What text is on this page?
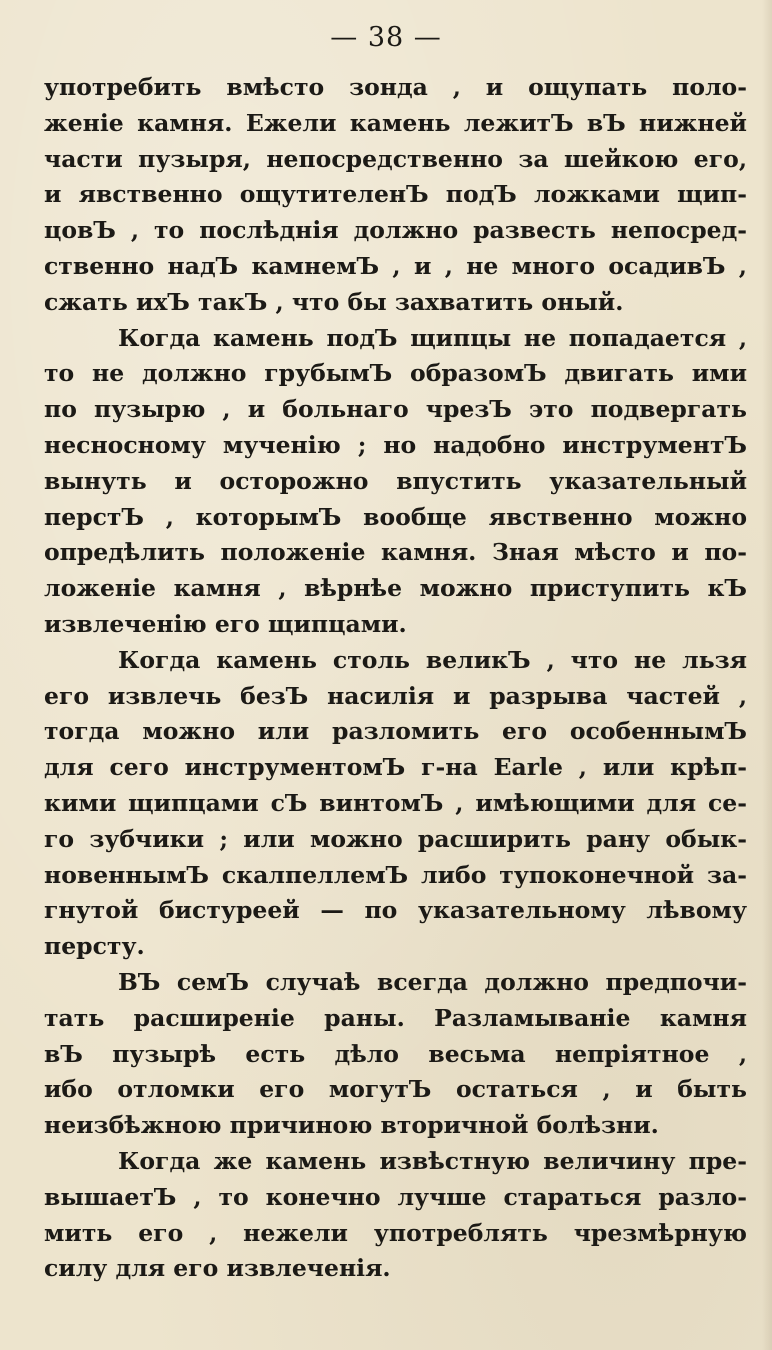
— 38 —
употребить вмѣсто зонда , и ощупать поло-
женіе камня. Ежели камень лежитЪ вЪ нижней
части пузыря, непосредственно за шейкою его,
и явственно ощутителенЪ подЪ ложками щип-
цовЪ , то послѣднія должно развесть непосред-
ственно надЪ камнемЪ , и , не много осадивЪ ,
сжать ихЪ такЪ , что бы захватить оный.
Когда камень подЪ щипцы не попадается ,
то не должно грубымЪ образомЪ двигать ими
по пузырю , и больнаго чрезЪ это подвергать
несносному мученію ; но надобно инструментЪ
вынуть и осторожно впустить указательный
перстЪ , которымЪ вообще явственно можно
опредѣлить положеніе камня. Зная мѣсто и по-
ложеніе камня , вѣрнѣе можно приступить кЪ
извлеченію его щипцами.
Когда камень столь великЪ , что не льзя
его извлечь безЪ насилія и разрыва частей ,
тогда можно или разломить его особеннымЪ
для сего инструментомЪ г-на Earle , или крѣп-
кими щипцами сЪ винтомЪ , имѣющими для се-
го зубчики ; или можно расширить рану обык-
новеннымЪ скалпеллемЪ либо тупоконечной за-
гнутой бистуреей — по указательному лѣвому
персту.
ВЪ семЪ случаѣ всегда должно предпочи-
тать расширеніе раны. Разламываніе камня
вЪ пузырѣ есть дѣло весьма непріятное ,
ибо отломки его могутЪ остаться , и быть
неизбѣжною причиною вторичной болѣзни.
Когда же камень извѣстную величину пре-
вышаетЪ , то конечно лучше стараться разло-
мить его , нежели употреблять чрезмѣрную
силу для его извлеченія.
